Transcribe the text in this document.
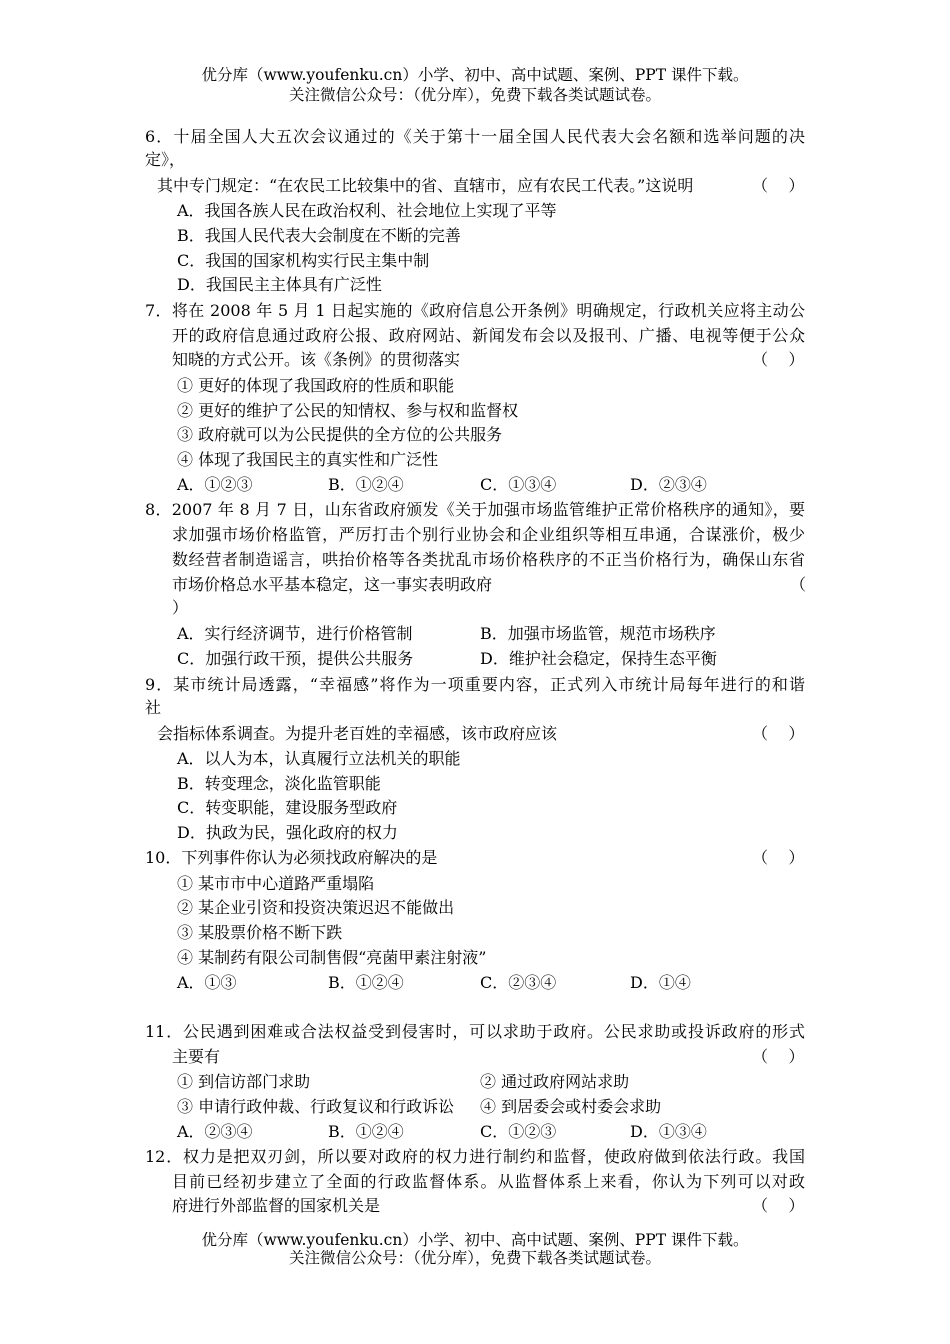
优分库（www.youfenku.cn）小学、初中、高中试题、案例、PPT 课件下载。
关注微信公众号：（优分库），免费下载各类试题试卷。
6．十届全国人大五次会议通过的《关于第十一届全国人民代表大会名额和选举问题的决
定》，
其中专门规定：“在农民工比较集中的省、直辖市，应有农民工代表。”这说明	（    ）
A．我国各族人民在政治权利、社会地位上实现了平等
B．我国人民代表大会制度在不断的完善
C．我国的国家机构实行民主集中制
D．我国民主主体具有广泛性
7．将在 2008 年 5 月 1 日起实施的《政府信息公开条例》明确规定，行政机关应将主动公
开的政府信息通过政府公报、政府网站、新闻发布会以及报刊、广播、电视等便于公众
知晓的方式公开。该《条例》的贯彻落实	（    ）
① 更好的体现了我国政府的性质和职能
② 更好的维护了公民的知情权、参与权和监督权
③ 政府就可以为公民提供的全方位的公共服务
④ 体现了我国民主的真实性和广泛性
A．①②③	B．①②④	C．①③④	D．②③④
8．2007 年 8 月 7 日，山东省政府颁发《关于加强市场监管维护正常价格秩序的通知》，要
求加强市场价格监管，严厉打击个别行业协会和企业组织等相互串通，合谋涨价，极少
数经营者制造谣言，哄抬价格等各类扰乱市场价格秩序的不正当价格行为，确保山东省
市场价格总水平基本稳定，这一事实表明政府	（
）
A．实行经济调节，进行价格管制	B．加强市场监管，规范市场秩序
C．加强行政干预，提供公共服务	D．维护社会稳定，保持生态平衡
9．某市统计局透露，“幸福感”将作为一项重要内容，正式列入市统计局每年进行的和谐
社
会指标体系调查。为提升老百姓的幸福感，该市政府应该	（    ）
A．以人为本，认真履行立法机关的职能
B．转变理念，淡化监管职能
C．转变职能，建设服务型政府
D．执政为民，强化政府的权力
10．下列事件你认为必须找政府解决的是	（    ）
① 某市市中心道路严重塌陷
② 某企业引资和投资决策迟迟不能做出
③ 某股票价格不断下跌
④ 某制药有限公司制售假“亮菌甲素注射液”
A．①③	B．①②④	C．②③④	D．①④
11．公民遇到困难或合法权益受到侵害时，可以求助于政府。公民求助或投诉政府的形式
主要有	（    ）
① 到信访部门求助	② 通过政府网站求助
③ 申请行政仲裁、行政复议和行政诉讼 ④ 到居委会或村委会求助
A．②③④	B．①②④	C．①②③	D．①③④
12．权力是把双刃剑，所以要对政府的权力进行制约和监督，使政府做到依法行政。我国
目前已经初步建立了全面的行政监督体系。从监督体系上来看，你认为下列可以对政
府进行外部监督的国家机关是	（    ）
优分库（www.youfenku.cn）小学、初中、高中试题、案例、PPT 课件下载。
关注微信公众号：（优分库），免费下载各类试题试卷。
